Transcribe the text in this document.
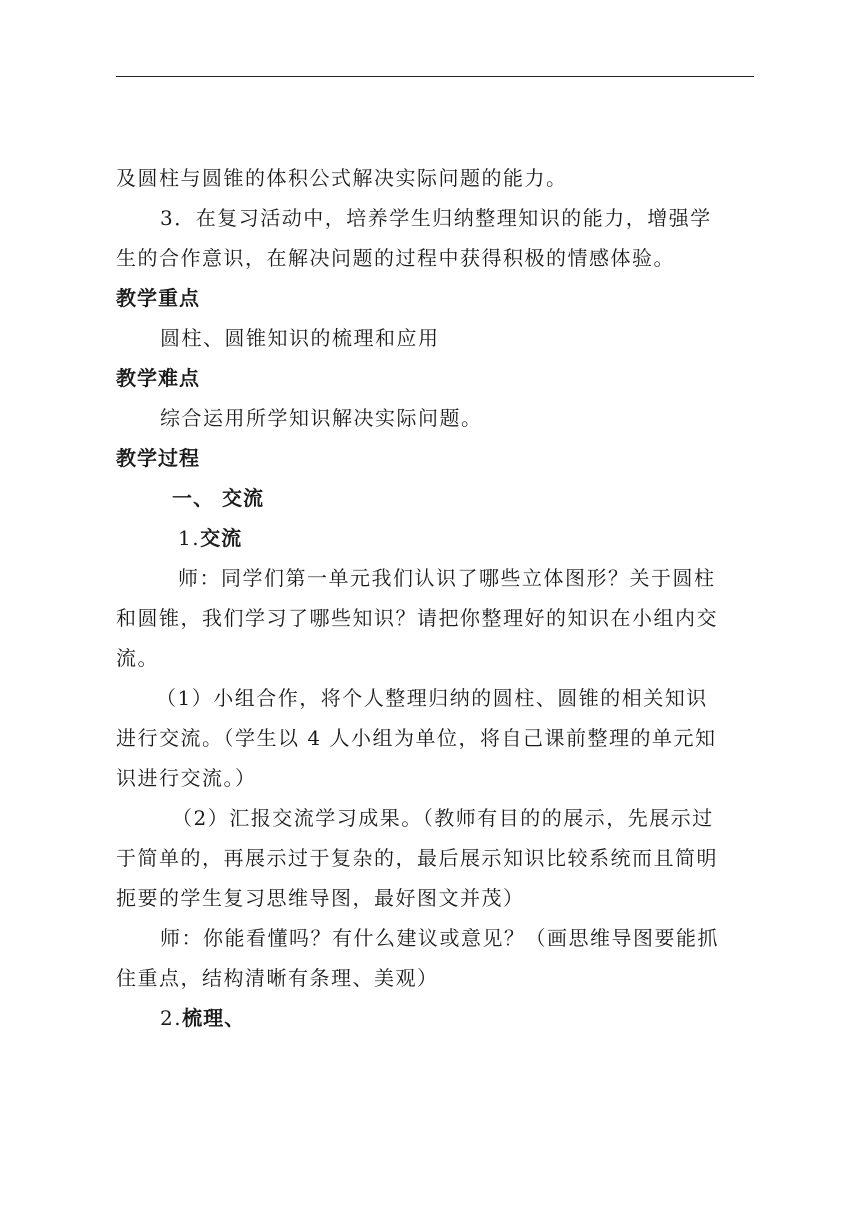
及圆柱与圆锥的体积公式解决实际问题的能力。
3．在复习活动中，培养学生归纳整理知识的能力，增强学
生的合作意识，在解决问题的过程中获得积极的情感体验。
教学重点
圆柱、圆锥知识的梳理和应用
教学难点
综合运用所学知识解决实际问题。
教学过程
一、 交流
1.交流
师：同学们第一单元我们认识了哪些立体图形？关于圆柱
和圆锥，我们学习了哪些知识？请把你整理好的知识在小组内交
流。
（1）小组合作，将个人整理归纳的圆柱、圆锥的相关知识
进行交流。（学生以 4 人小组为单位，将自己课前整理的单元知
识进行交流。）
（2）汇报交流学习成果。（教师有目的的展示，先展示过
于简单的，再展示过于复杂的，最后展示知识比较系统而且简明
扼要的学生复习思维导图，最好图文并茂）
师：你能看懂吗？有什么建议或意见？（画思维导图要能抓
住重点，结构清晰有条理、美观）
2.梳理、
